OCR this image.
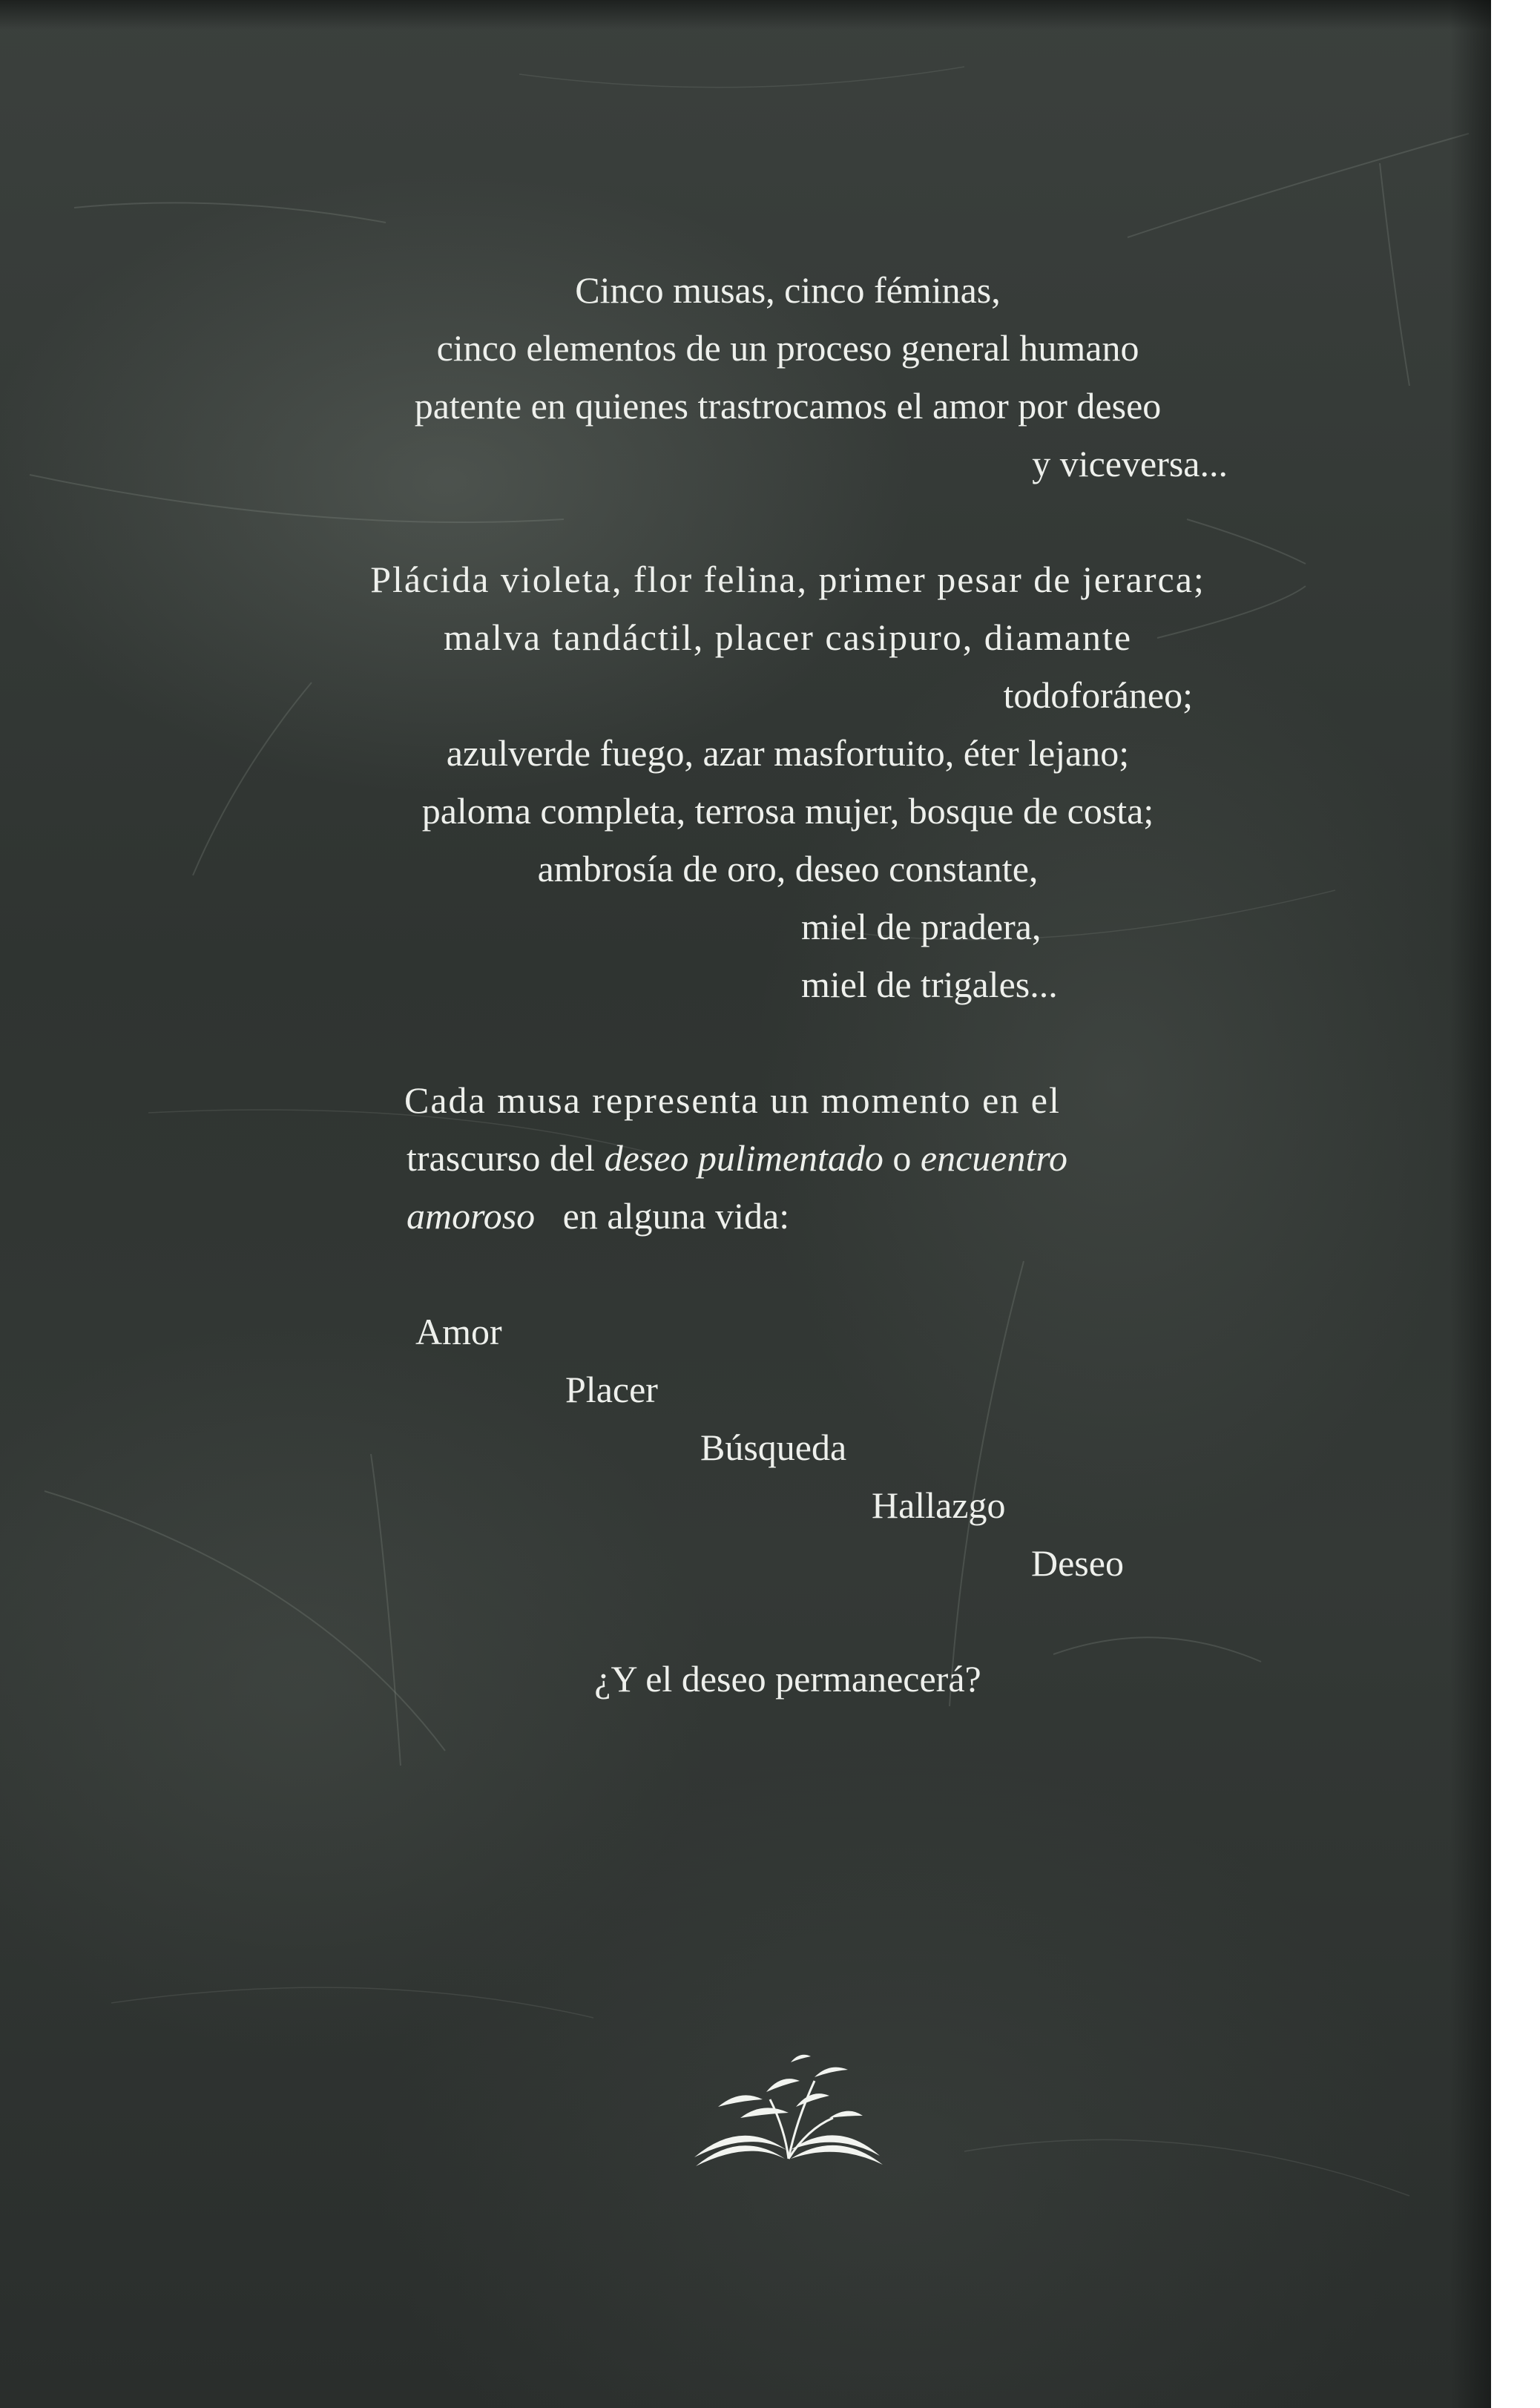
Cinco musas, cinco féminas,
cinco elementos de un proceso general humano
patente en quienes trastrocamos el amor por deseo
y viceversa...
Plácida violeta, flor felina, primer pesar de jerarca;
malva tandáctil, placer casipuro, diamante
todoforáneo;
azulverde fuego, azar masfortuito, éter lejano;
paloma completa, terrosa mujer, bosque de costa;
ambrosía de oro, deseo constante,
miel de pradera,
miel de trigales...
Cada musa representa un momento en el
trascurso del deseo pulimentado o encuentro
amoroso   en alguna vida:
Amor
Placer
Búsqueda
Hallazgo
Deseo
¿Y el deseo permanecerá?
